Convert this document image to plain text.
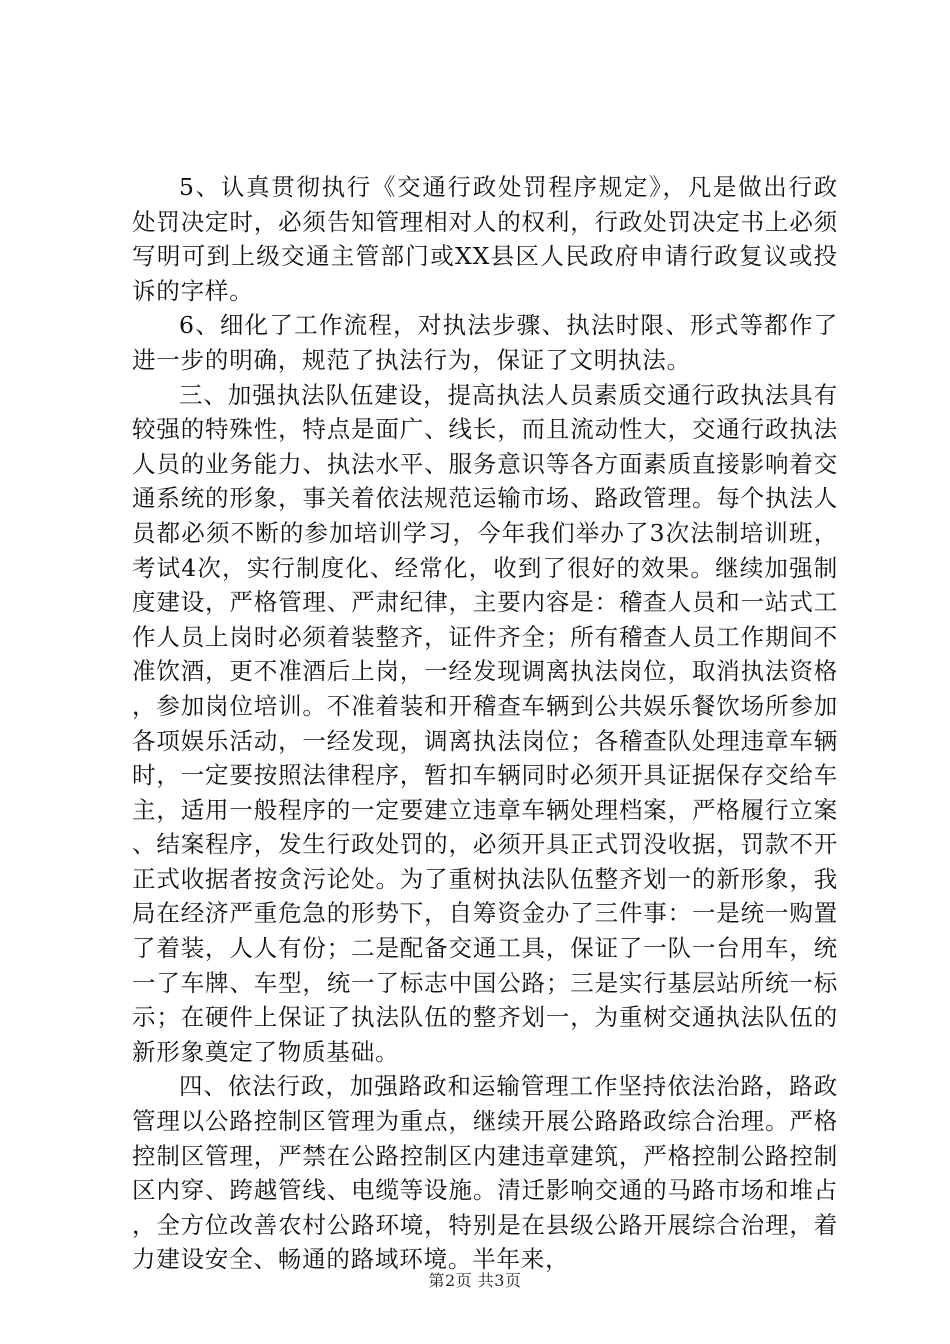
5、认真贯彻执行《交通行政处罚程序规定》，凡是做出行政处罚决定时，必须告知管理相对人的权利，行政处罚决定书上必须写明可到上级交通主管部门或XX县区人民政府申请行政复议或投诉的字样。

6、细化了工作流程，对执法步骤、执法时限、形式等都作了进一步的明确，规范了执法行为，保证了文明执法。

三、加强执法队伍建设，提高执法人员素质交通行政执法具有较强的特殊性，特点是面广、线长，而且流动性大，交通行政执法人员的业务能力、执法水平、服务意识等各方面素质直接影响着交通系统的形象，事关着依法规范运输市场、路政管理。每个执法人员都必须不断的参加培训学习，今年我们举办了3次法制培训班，考试4次，实行制度化、经常化，收到了很好的效果。继续加强制度建设，严格管理、严肃纪律，主要内容是：稽查人员和一站式工作人员上岗时必须着装整齐，证件齐全；所有稽查人员工作期间不准饮酒，更不准酒后上岗，一经发现调离执法岗位，取消执法资格，参加岗位培训。不准着装和开稽查车辆到公共娱乐餐饮场所参加各项娱乐活动，一经发现，调离执法岗位；各稽查队处理违章车辆时，一定要按照法律程序，暂扣车辆同时必须开具证据保存交给车主，适用一般程序的一定要建立违章车辆处理档案，严格履行立案、结案程序，发生行政处罚的，必须开具正式罚没收据，罚款不开正式收据者按贪污论处。为了重树执法队伍整齐划一的新形象，我局在经济严重危急的形势下，自筹资金办了三件事：一是统一购置了着装，人人有份；二是配备交通工具，保证了一队一台用车，统一了车牌、车型，统一了标志中国公路；三是实行基层站所统一标示；在硬件上保证了执法队伍的整齐划一，为重树交通执法队伍的新形象奠定了物质基础。

四、依法行政，加强路政和运输管理工作坚持依法治路，路政管理以公路控制区管理为重点，继续开展公路路政综合治理。严格控制区管理，严禁在公路控制区内建违章建筑，严格控制公路控制区内穿、跨越管线、电缆等设施。清迁影响交通的马路市场和堆占，全方位改善农村公路环境，特别是在县级公路开展综合治理，着力建设安全、畅通的路域环境。半年来，

第2页 共3页
